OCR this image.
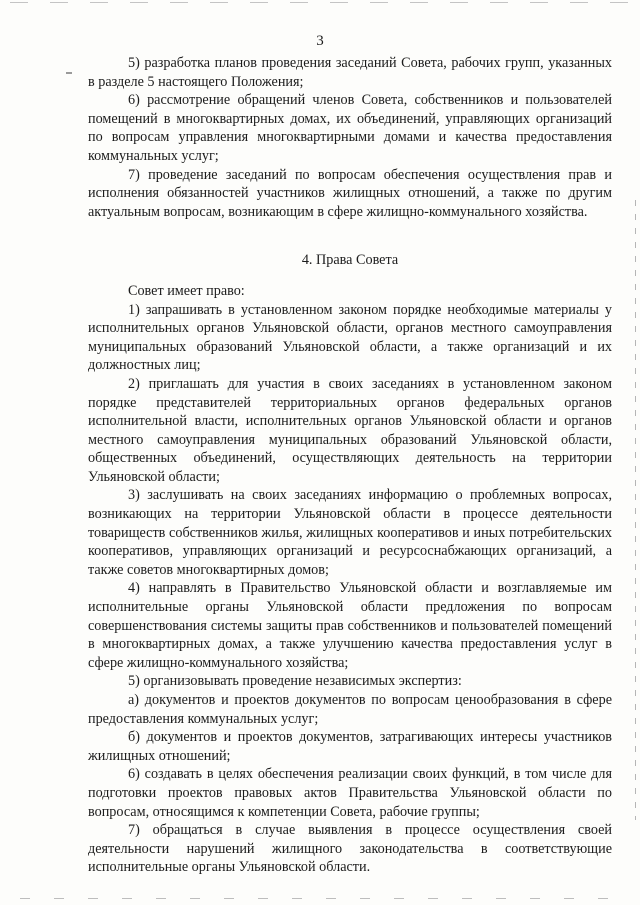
3

5) разработка планов проведения заседаний Совета, рабочих групп, указанных в разделе 5 настоящего Положения;

6) рассмотрение обращений членов Совета, собственников и пользователей помещений в многоквартирных домах, их объединений, управляющих организаций по вопросам управления многоквартирными домами и качества предоставления коммунальных услуг;

7) проведение заседаний по вопросам обеспечения осуществления прав и исполнения обязанностей участников жилищных отношений, а также по другим актуальным вопросам, возникающим в сфере жилищно-коммунального хозяйства.

4. Права Совета

Совет имеет право:

1) запрашивать в установленном законом порядке необходимые материалы у исполнительных органов Ульяновской области, органов местного самоуправления муниципальных образований Ульяновской области, а также организаций и их должностных лиц;

2) приглашать для участия в своих заседаниях в установленном законом порядке представителей территориальных органов федеральных органов исполнительной власти, исполнительных органов Ульяновской области и органов местного самоуправления муниципальных образований Ульяновской области, общественных объединений, осуществляющих деятельность на территории Ульяновской области;

3) заслушивать на своих заседаниях информацию о проблемных вопросах, возникающих на территории Ульяновской области в процессе деятельности товариществ собственников жилья, жилищных кооперативов и иных потребительских кооперативов, управляющих организаций и ресурсоснабжающих организаций, а также советов многоквартирных домов;

4) направлять в Правительство Ульяновской области и возглавляемые им исполнительные органы Ульяновской области предложения по вопросам совершенствования системы защиты прав собственников и пользователей помещений в многоквартирных домах, а также улучшению качества предоставления услуг в сфере жилищно-коммунального хозяйства;

5) организовывать проведение независимых экспертиз:

а) документов и проектов документов по вопросам ценообразования в сфере предоставления коммунальных услуг;

б) документов и проектов документов, затрагивающих интересы участников жилищных отношений;

6) создавать в целях обеспечения реализации своих функций, в том числе для подготовки проектов правовых актов Правительства Ульяновской области по вопросам, относящимся к компетенции Совета, рабочие группы;

7) обращаться в случае выявления в процессе осуществления своей деятельности нарушений жилищного законодательства в соответствующие исполнительные органы Ульяновской области.
